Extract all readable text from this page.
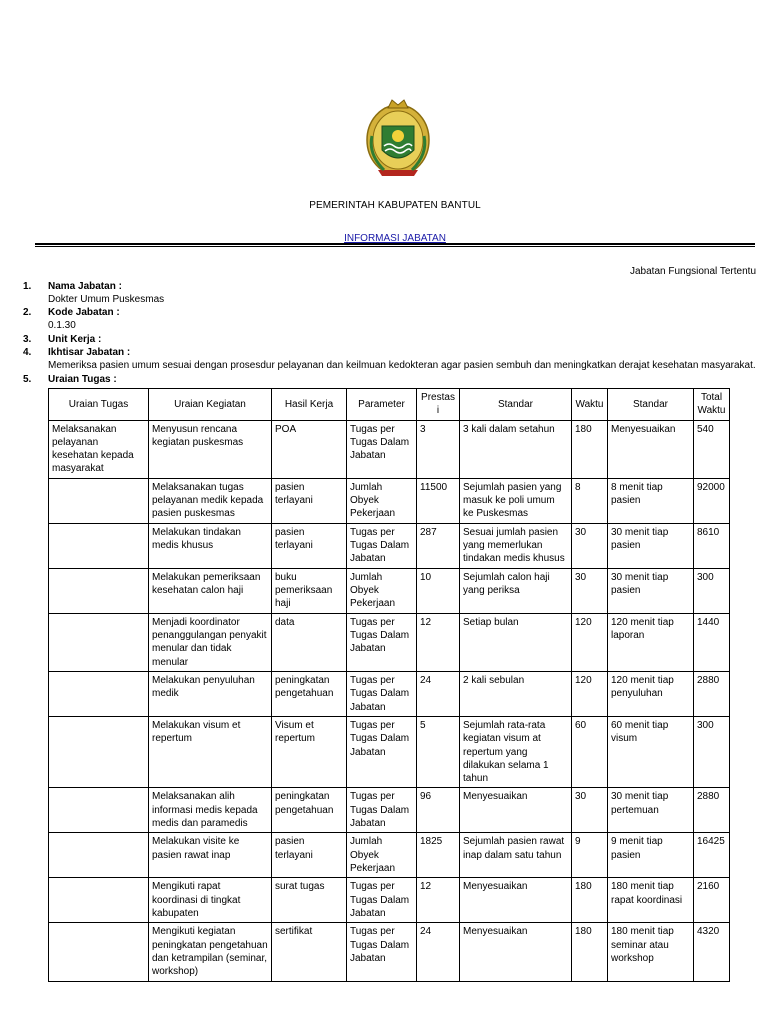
PEMERINTAH KABUPATEN BANTUL
INFORMASI JABATAN
Jabatan Fungsional Tertentu
1. Nama Jabatan :
Dokter Umum Puskesmas
2. Kode Jabatan :
0.1.30
3. Unit Kerja :
4. Ikhtisar Jabatan :
Memeriksa pasien umum sesuai dengan prosesdur pelayanan dan keilmuan kedokteran agar pasien sembuh dan meningkatkan derajat kesehatan masyarakat.
5. Uraian Tugas :
Uraian Tugas	Uraian Kegiatan	Hasil Kerja	Parameter	Prestasi	Standar	Waktu	Standar	Total Waktu
Melaksanakan pelayanan kesehatan kepada masyarakat	Menyusun rencana kegiatan puskesmas	POA	Tugas per Tugas Dalam Jabatan	3	3 kali dalam setahun	180	Menyesuaikan	540
	Melaksanakan tugas pelayanan medik kepada pasien puskesmas	pasien terlayani	Jumlah Obyek Pekerjaan	11500	Sejumlah pasien yang masuk ke poli umum ke Puskesmas	8	8 menit tiap pasien	92000
	Melakukan tindakan medis khusus	pasien terlayani	Tugas per Tugas Dalam Jabatan	287	Sesuai jumlah pasien yang memerlukan tindakan medis khusus	30	30 menit tiap pasien	8610
	Melakukan pemeriksaan kesehatan calon haji	buku pemeriksaan haji	Jumlah Obyek Pekerjaan	10	Sejumlah calon haji yang periksa	30	30 menit tiap pasien	300
	Menjadi koordinator penanggulangan penyakit menular dan tidak menular	data	Tugas per Tugas Dalam Jabatan	12	Setiap bulan	120	120 menit tiap laporan	1440
	Melakukan penyuluhan medik	peningkatan pengetahuan	Tugas per Tugas Dalam Jabatan	24	2 kali sebulan	120	120 menit tiap penyuluhan	2880
	Melakukan visum et repertum	Visum et repertum	Tugas per Tugas Dalam Jabatan	5	Sejumlah rata-rata kegiatan visum at repertum yang dilakukan selama 1 tahun	60	60 menit tiap visum	300
	Melaksanakan alih informasi medis kepada medis dan paramedis	peningkatan pengetahuan	Tugas per Tugas Dalam Jabatan	96	Menyesuaikan	30	30 menit tiap pertemuan	2880
	Melakukan visite ke pasien rawat inap	pasien terlayani	Jumlah Obyek Pekerjaan	1825	Sejumlah pasien rawat inap dalam satu tahun	9	9 menit tiap pasien	16425
	Mengikuti rapat koordinasi di tingkat kabupaten	surat tugas	Tugas per Tugas Dalam Jabatan	12	Menyesuaikan	180	180 menit tiap rapat koordinasi	2160
	Mengikuti kegiatan peningkatan pengetahuan dan ketrampilan (seminar, workshop)	sertifikat	Tugas per Tugas Dalam Jabatan	24	Menyesuaikan	180	180 menit tiap seminar atau workshop	4320
